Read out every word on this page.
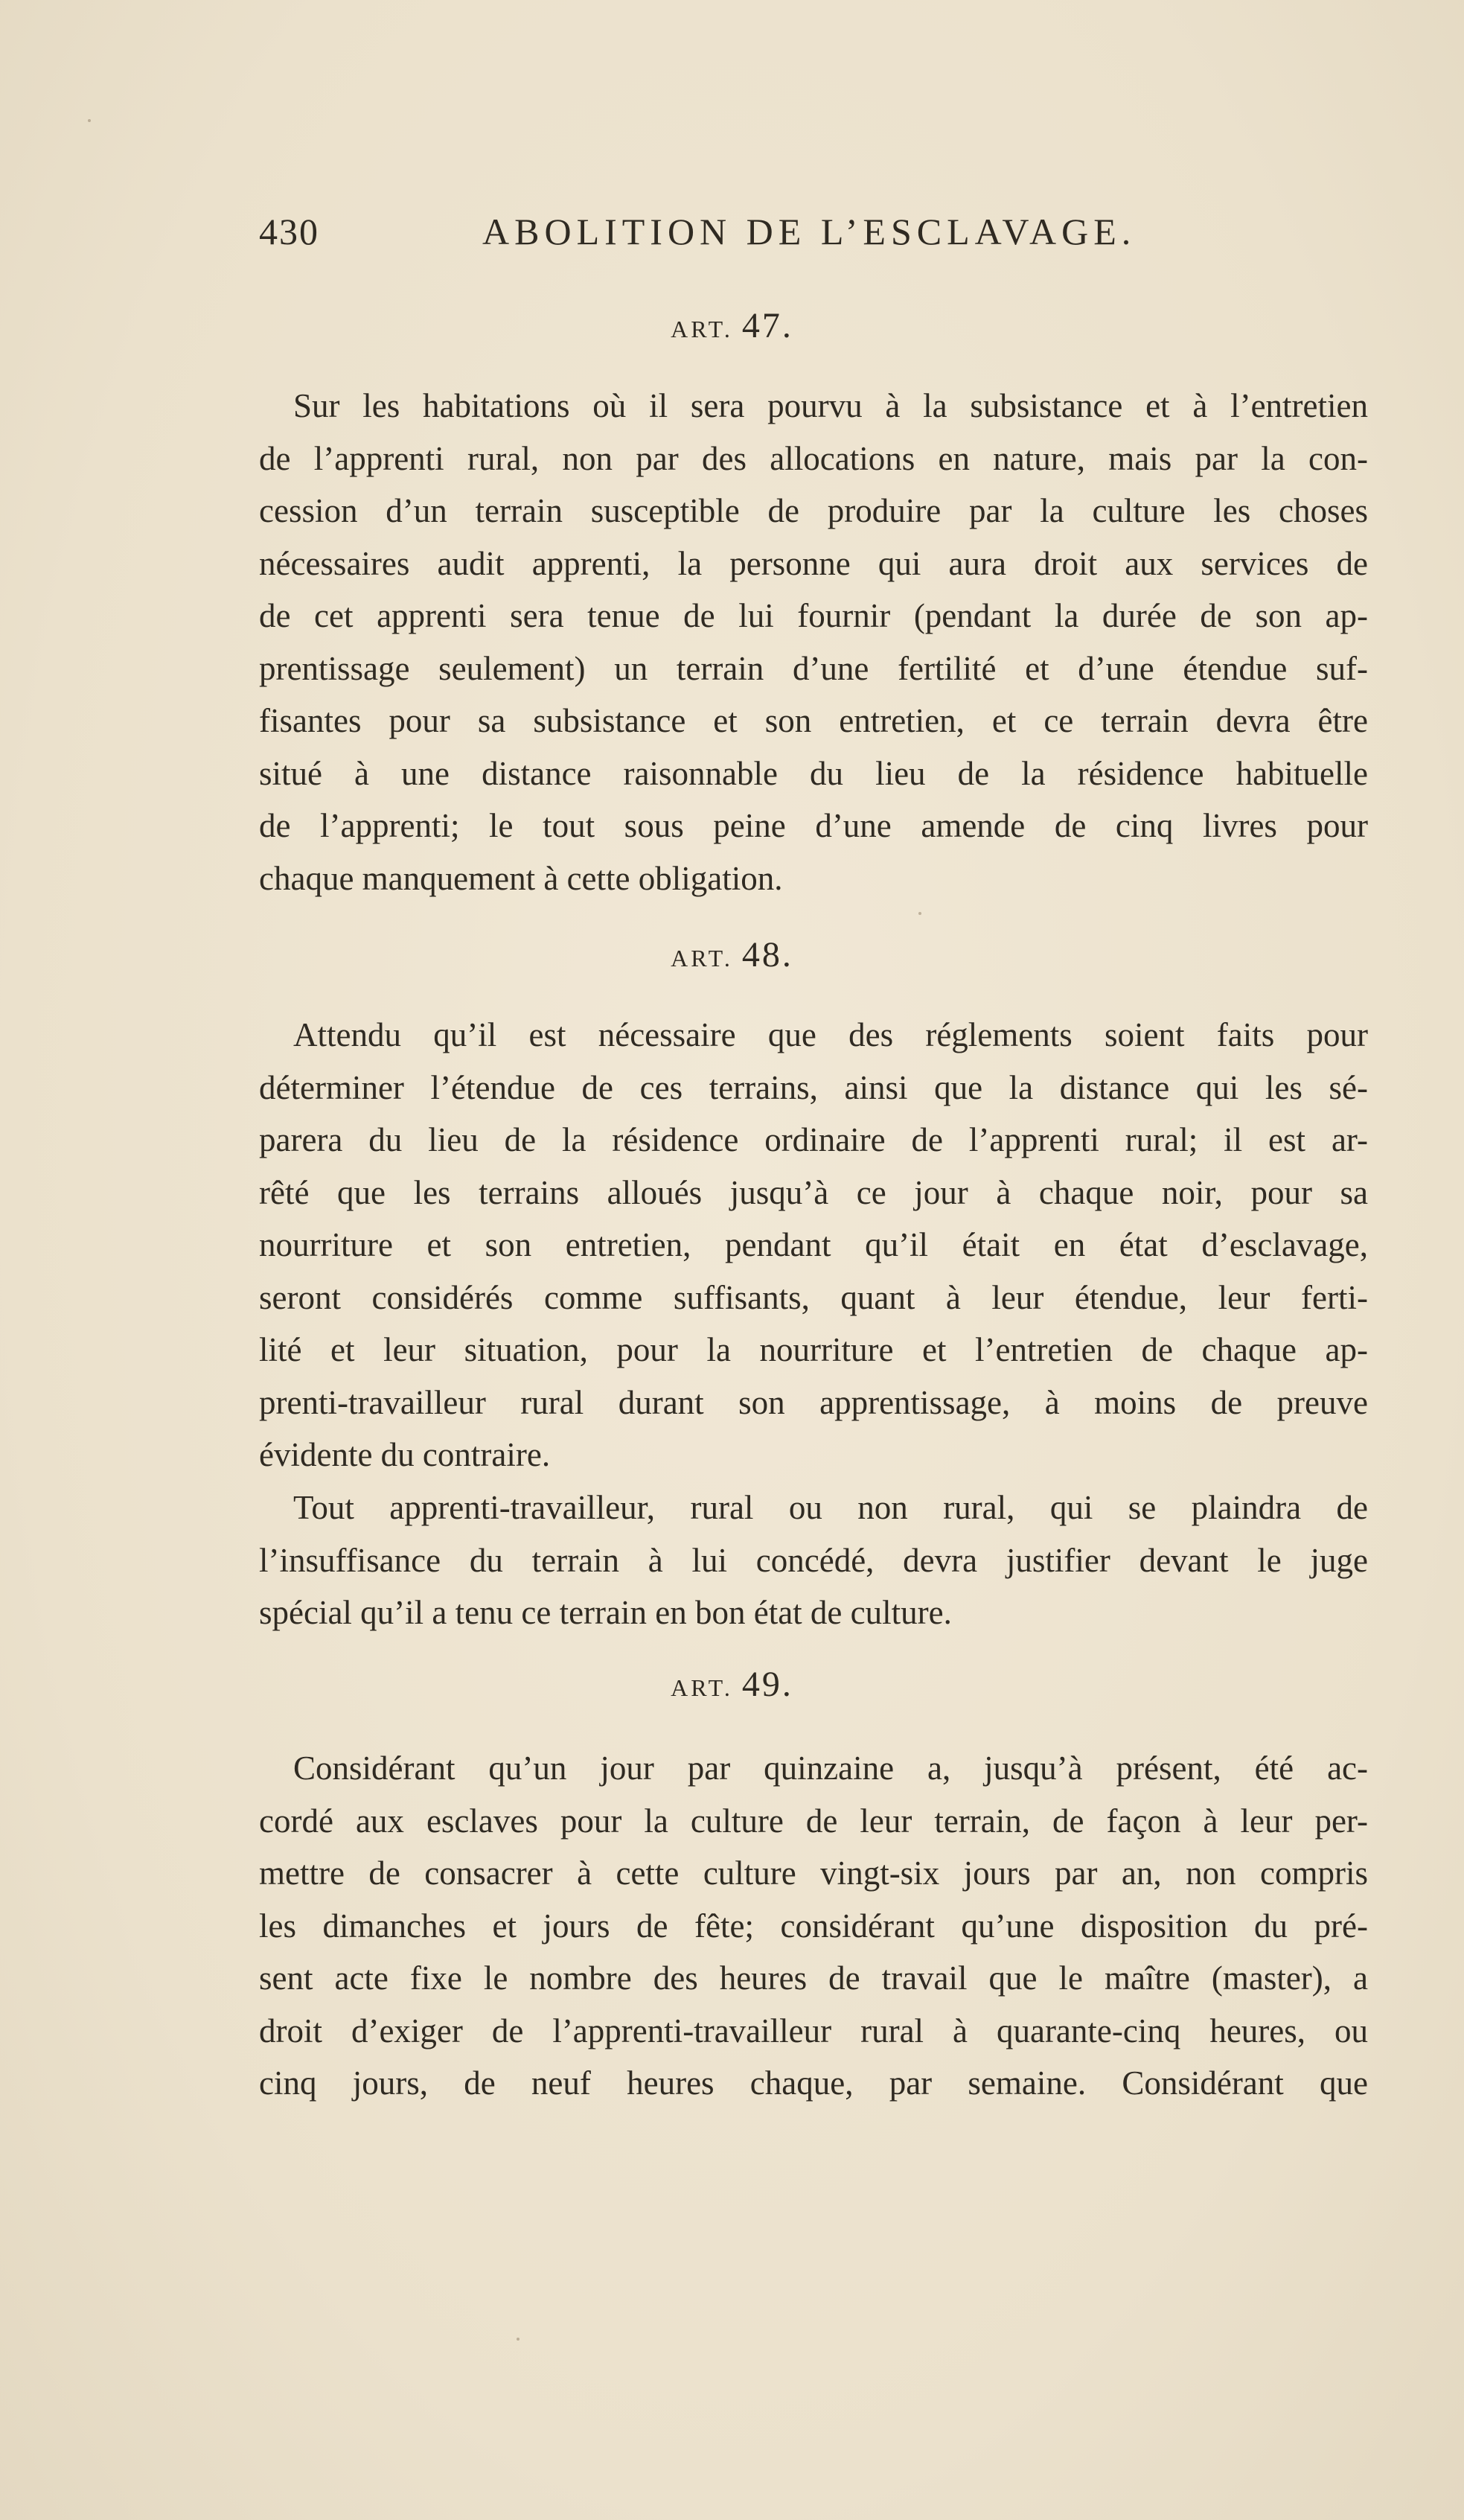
430	ABOLITION DE L’ESCLAVAGE.
ART. 47.
Sur les habitations où il sera pourvu à la subsistance et à l’entretien
de l’apprenti rural, non par des allocations en nature, mais par la con-
cession d’un terrain susceptible de produire par la culture les choses
nécessaires audit apprenti, la personne qui aura droit aux services de
de cet apprenti sera tenue de lui fournir (pendant la durée de son ap-
prentissage seulement) un terrain d’une fertilité et d’une étendue suf-
fisantes pour sa subsistance et son entretien, et ce terrain devra être
situé à une distance raisonnable du lieu de la résidence habituelle
de l’apprenti; le tout sous peine d’une amende de cinq livres pour
chaque manquement à cette obligation.
ART. 48.
Attendu qu’il est nécessaire que des réglements soient faits pour
déterminer l’étendue de ces terrains, ainsi que la distance qui les sé-
parera du lieu de la résidence ordinaire de l’apprenti rural; il est ar-
rêté que les terrains alloués jusqu’à ce jour à chaque noir, pour sa
nourriture et son entretien, pendant qu’il était en état d’esclavage,
seront considérés comme suffisants, quant à leur étendue, leur ferti-
lité et leur situation, pour la nourriture et l’entretien de chaque ap-
prenti-travailleur rural durant son apprentissage, à moins de preuve
évidente du contraire.
Tout apprenti-travailleur, rural ou non rural, qui se plaindra de
l’insuffisance du terrain à lui concédé, devra justifier devant le juge
spécial qu’il a tenu ce terrain en bon état de culture.
ART. 49.
Considérant qu’un jour par quinzaine a, jusqu’à présent, été ac-
cordé aux esclaves pour la culture de leur terrain, de façon à leur per-
mettre de consacrer à cette culture vingt-six jours par an, non compris
les dimanches et jours de fête; considérant qu’une disposition du pré-
sent acte fixe le nombre des heures de travail que le maître (master), a
droit d’exiger de l’apprenti-travailleur rural à quarante-cinq heures, ou
cinq jours, de neuf heures chaque, par semaine. Considérant que
